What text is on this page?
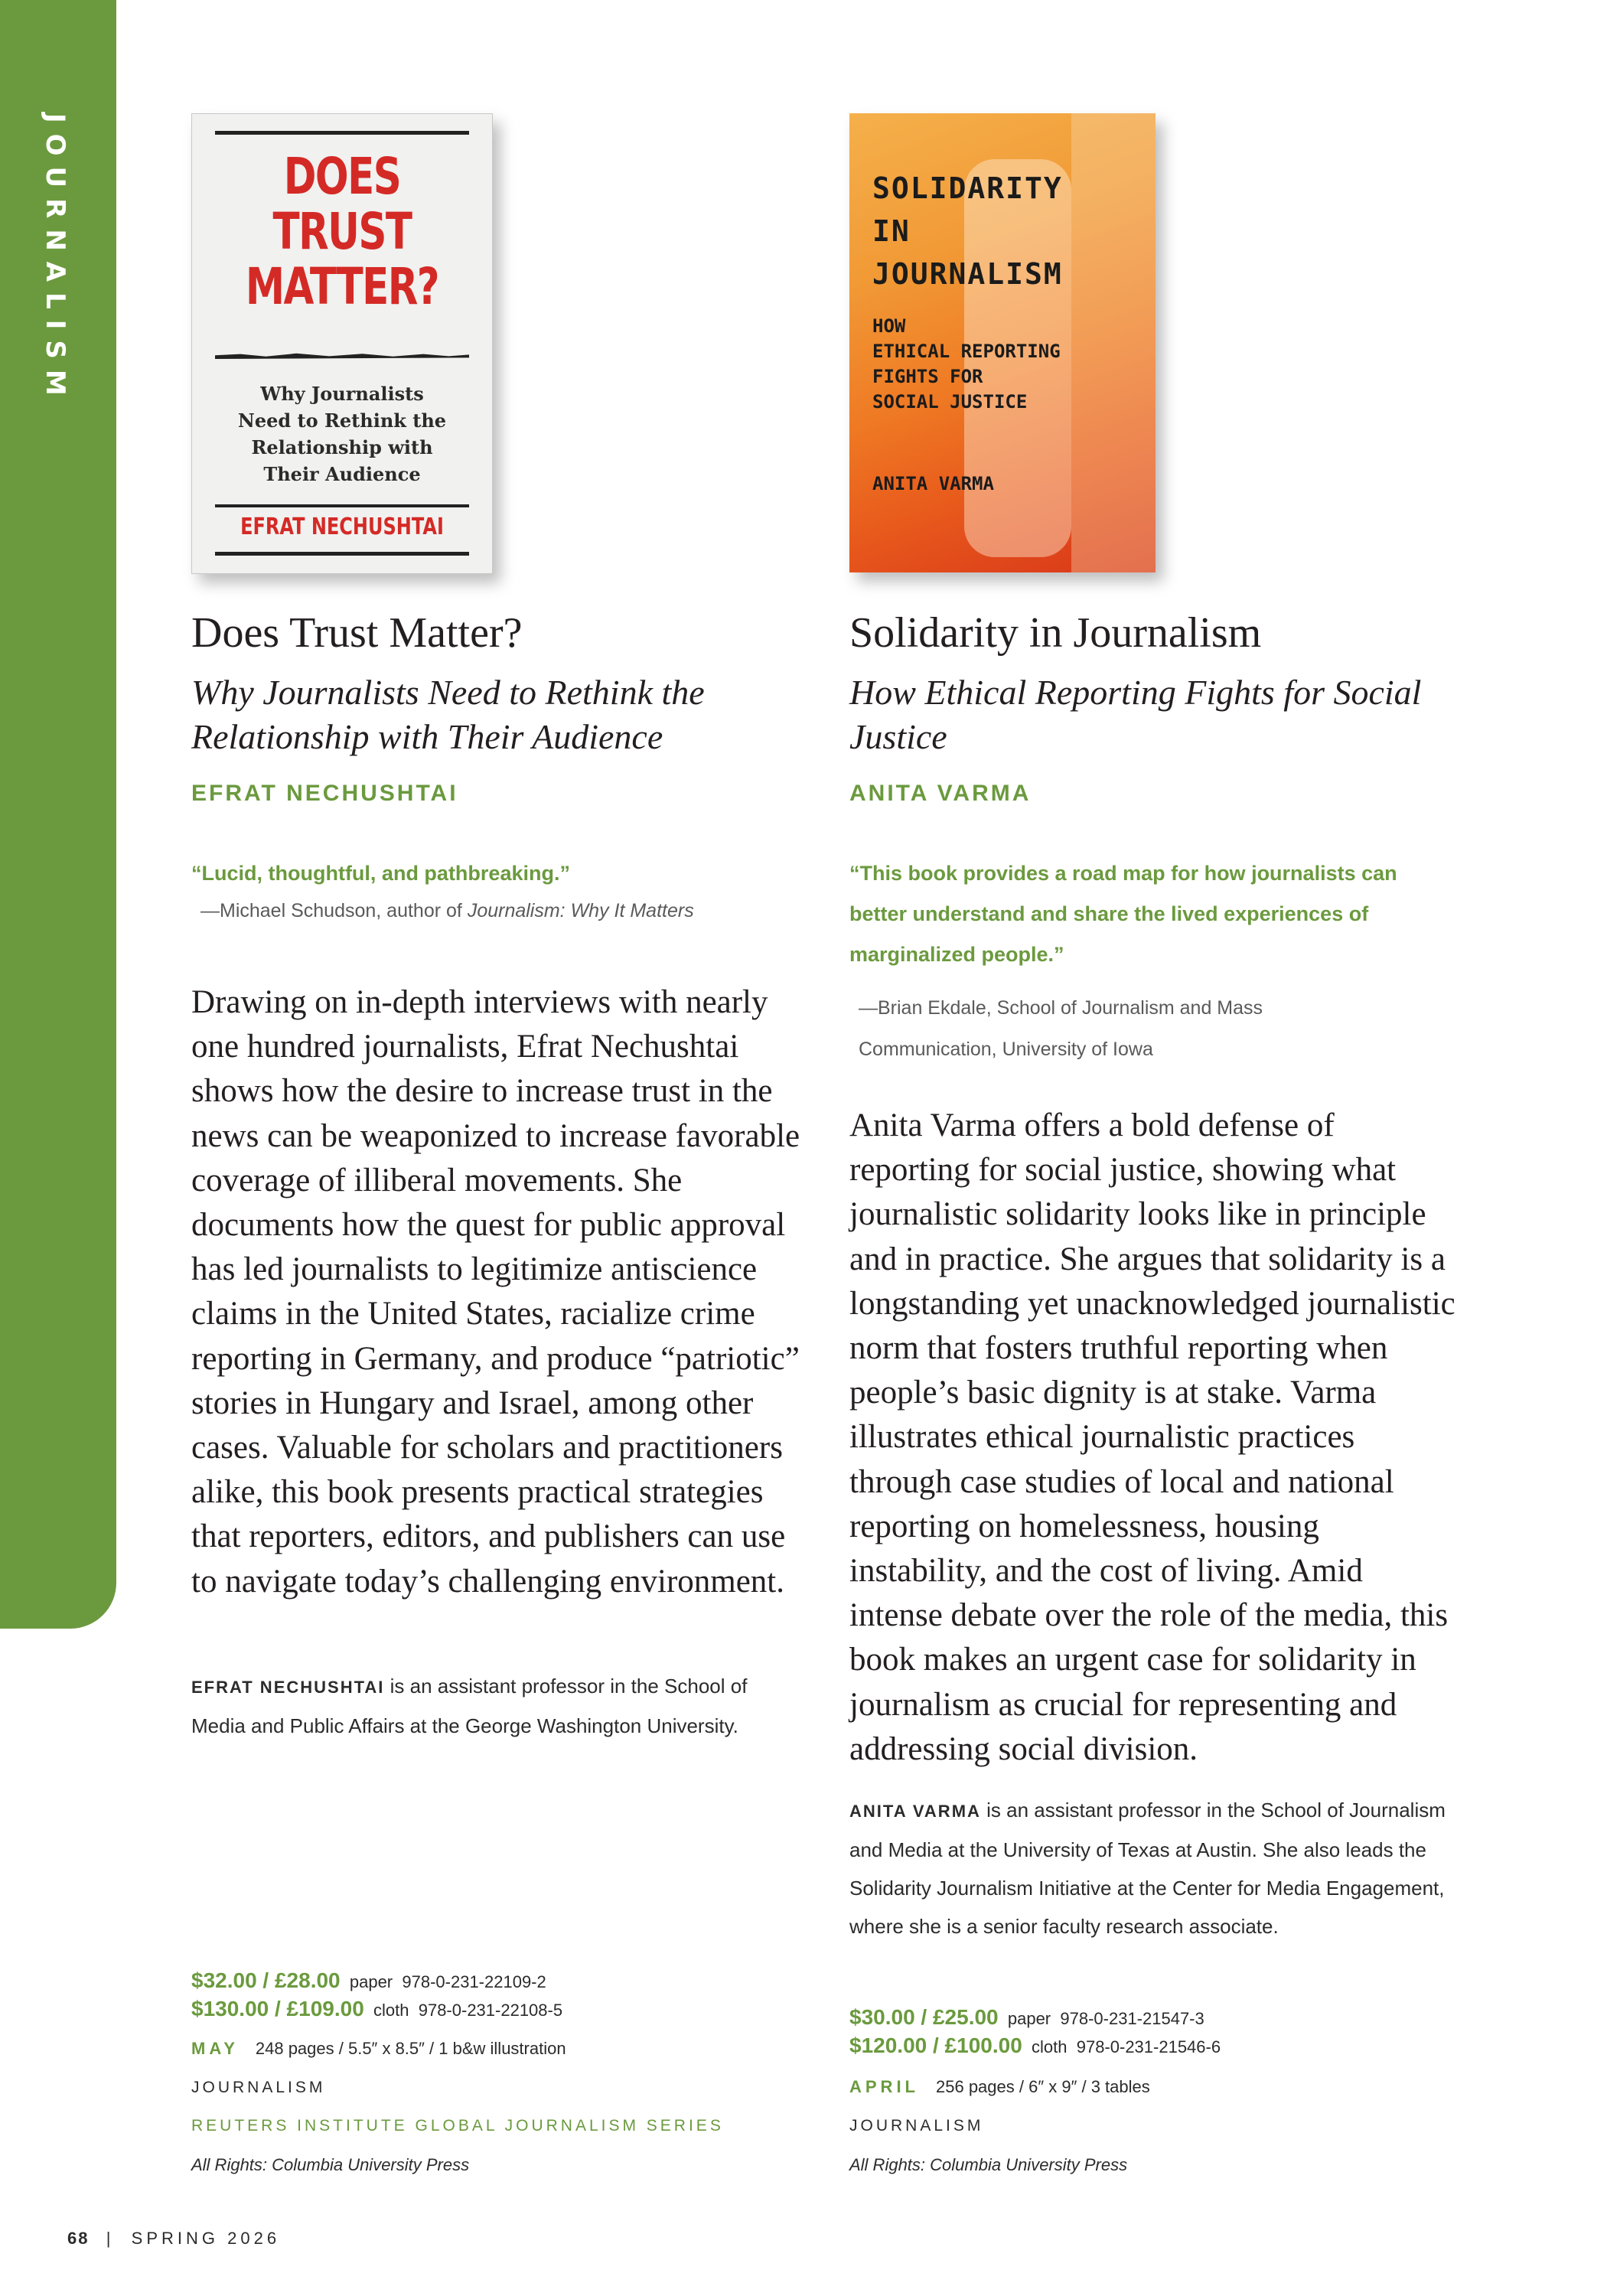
JOURNALISM	DOES
TRUST
MATTER?
Why Journalists
Need to Rethink the
Relationship with
Their Audience
EFRAT NECHUSHTAI
Does Trust Matter?
Why Journalists Need to Rethink the Relationship with Their Audience
EFRAT NECHUSHTAI
“Lucid, thoughtful, and pathbreaking.”
—Michael Schudson, author of Journalism: Why It Matters
Drawing on in-depth interviews with nearly one hundred journalists, Efrat Nechushtai shows how the desire to increase trust in the news can be weaponized to increase favorable coverage of illiberal movements. She documents how the quest for public approval has led journalists to legitimize antiscience claims in the United States, racialize crime reporting in Germany, and produce “patriotic” stories in Hungary and Israel, among other cases. Valuable for scholars and practitioners alike, this book presents practical strategies that reporters, editors, and publishers can use to navigate today’s challenging environment.
EFRAT NECHUSHTAI is an assistant professor in the School of Media and Public Affairs at the George Washington University.
$32.00 / £28.00 paper 978-0-231-22109-2
$130.00 / £109.00 cloth 978-0-231-22108-5
MAY 248 pages / 5.5″ x 8.5″ / 1 b&w illustration
JOURNALISM
REUTERS INSTITUTE GLOBAL JOURNALISM SERIES
All Rights: Columbia University Press
SOLIDARITY
IN
JOURNALISM
HOW
ETHICAL REPORTING
FIGHTS FOR
SOCIAL JUSTICE
ANITA VARMA
Solidarity in Journalism
How Ethical Reporting Fights for Social Justice
ANITA VARMA
“This book provides a road map for how journalists can better understand and share the lived experiences of marginalized people.”
—Brian Ekdale, School of Journalism and Mass Communication, University of Iowa
Anita Varma offers a bold defense of reporting for social justice, showing what journalistic solidarity looks like in principle and in practice. She argues that solidarity is a longstanding yet unacknowledged journalistic norm that fosters truthful reporting when people’s basic dignity is at stake. Varma illustrates ethical journalistic practices through case studies of local and national reporting on homelessness, housing instability, and the cost of living. Amid intense debate over the role of the media, this book makes an urgent case for solidarity in journalism as crucial for representing and addressing social division.
ANITA VARMA is an assistant professor in the School of Journalism and Media at the University of Texas at Austin. She also leads the Solidarity Journalism Initiative at the Center for Media Engagement, where she is a senior faculty research associate.
$30.00 / £25.00 paper 978-0-231-21547-3
$120.00 / £100.00 cloth 978-0-231-21546-6
APRIL 256 pages / 6″ x 9″ / 3 tables
JOURNALISM
All Rights: Columbia University Press
68 | SPRING 2026
